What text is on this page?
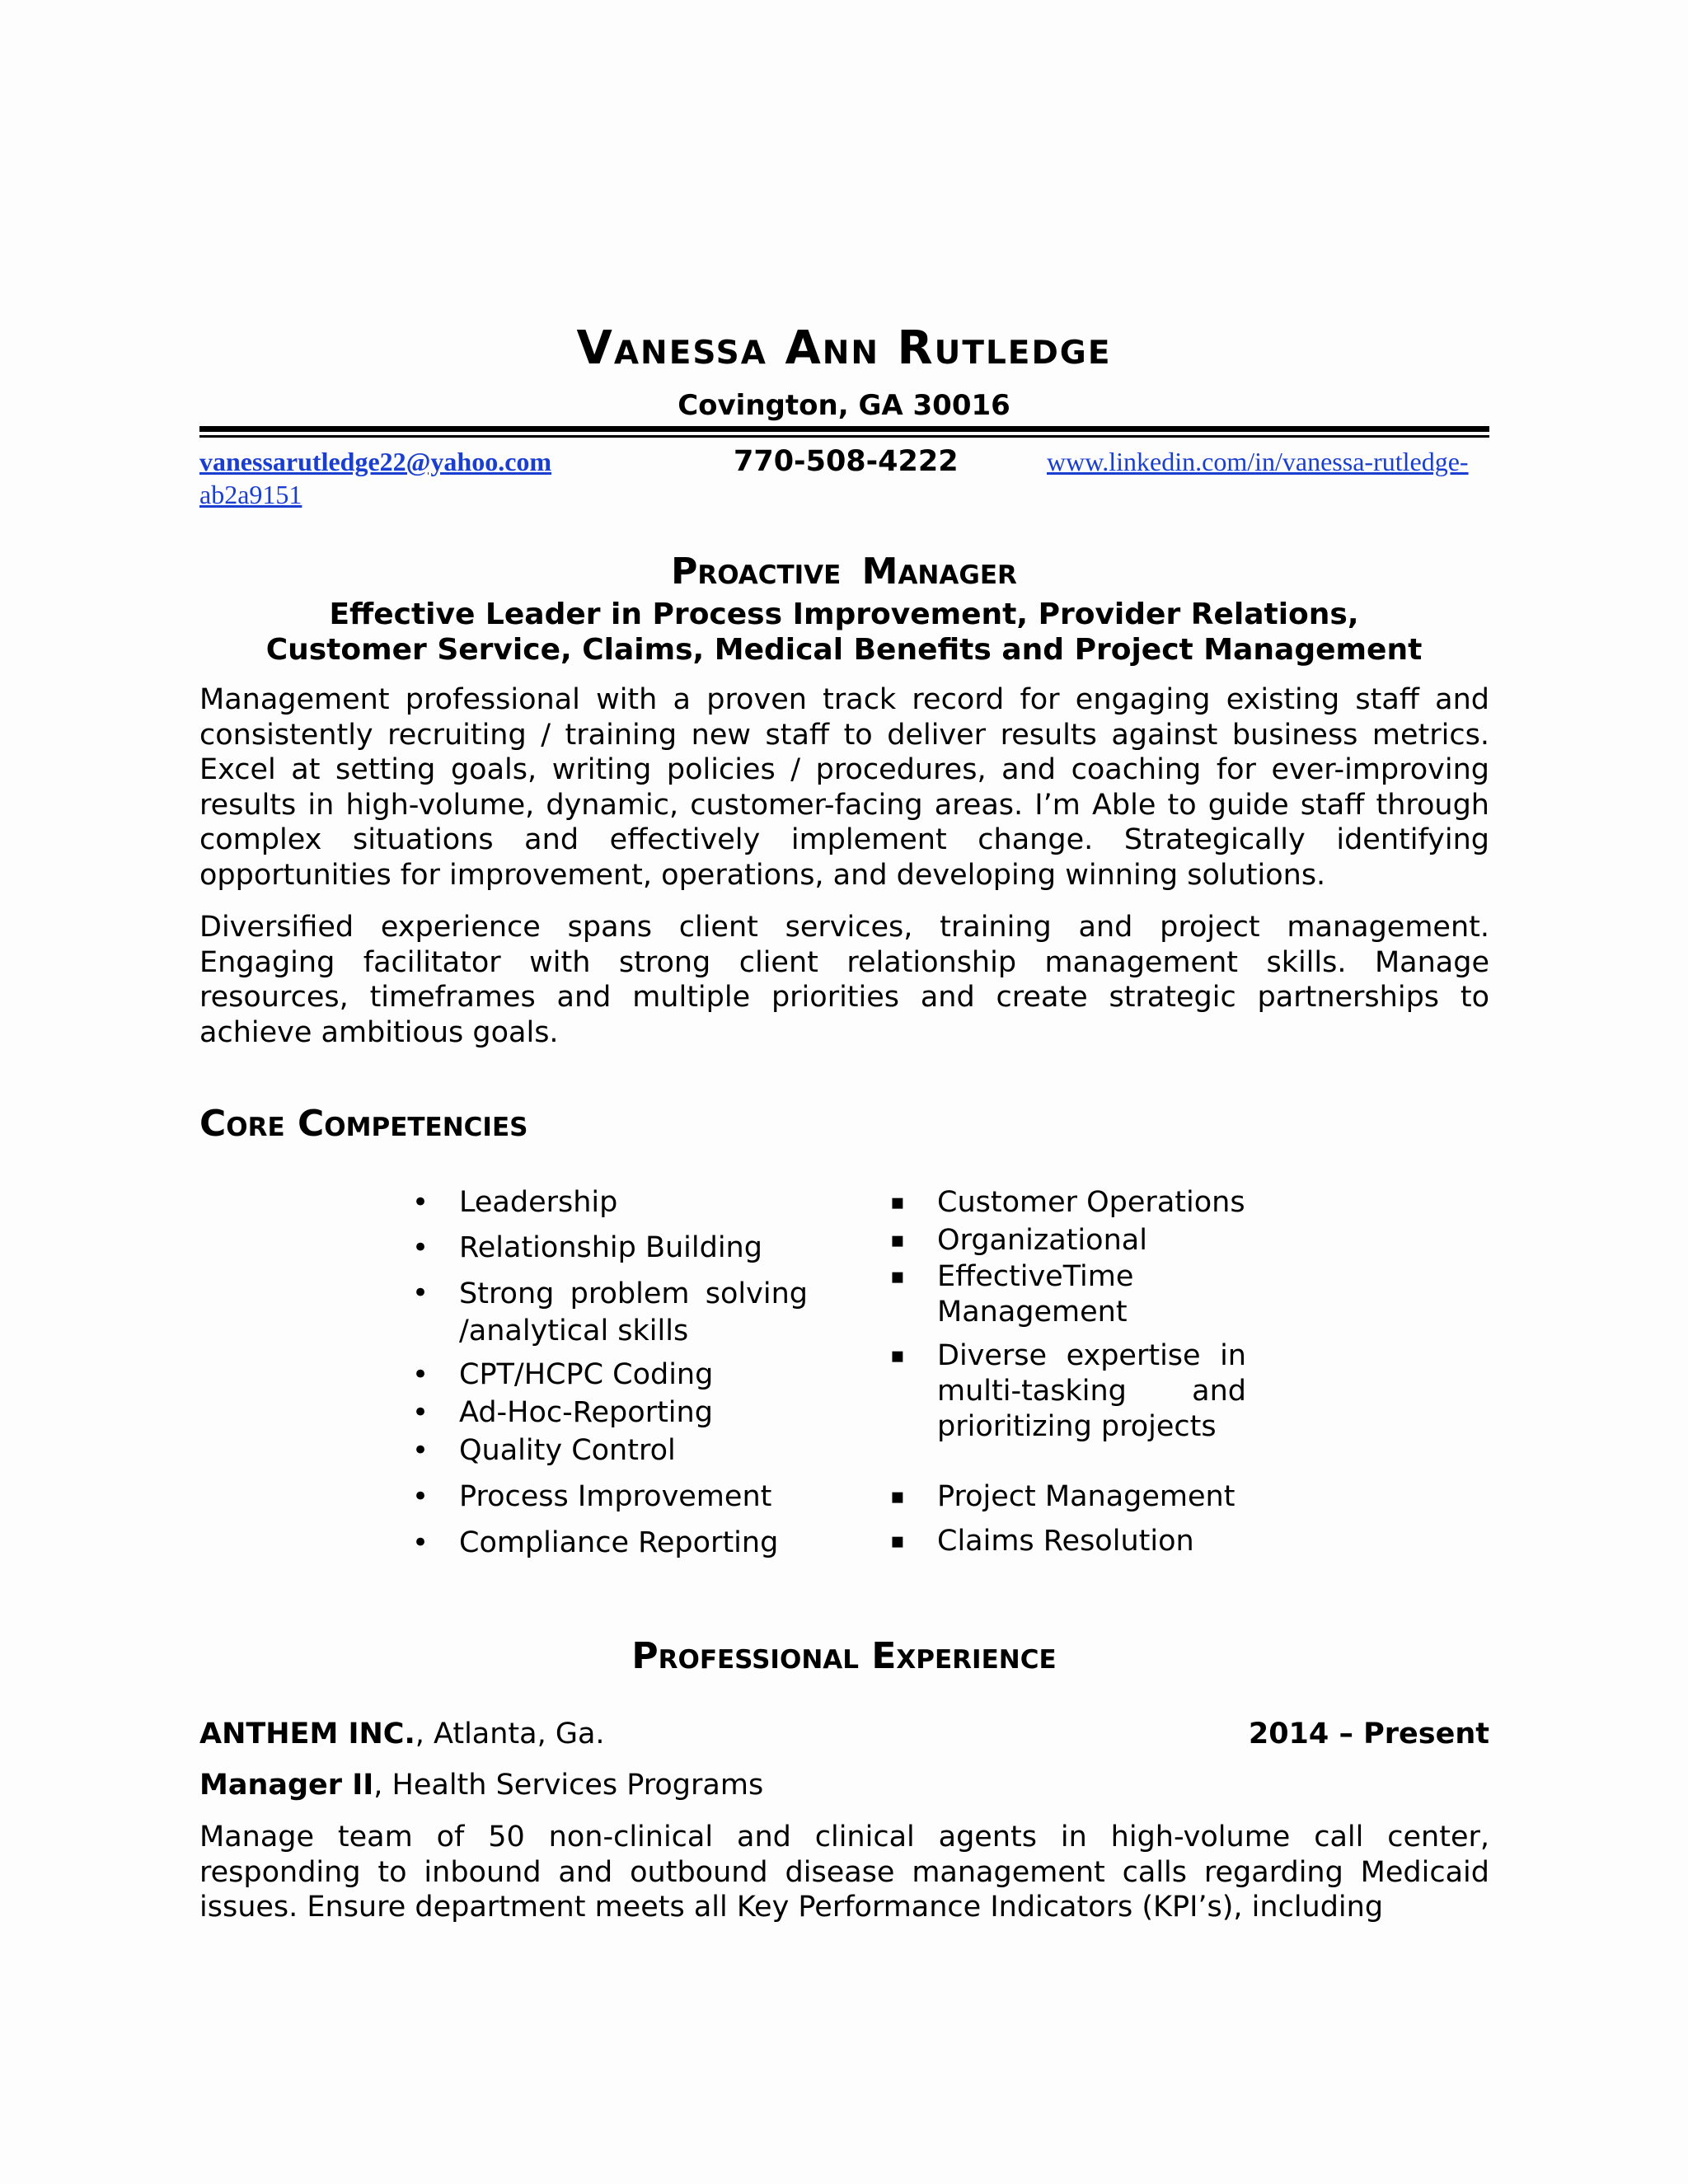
Vanessa Ann Rutledge
Covington, GA 30016
vanessarutledge22@yahoo.com	770-508-4222	www.linkedin.com/in/vanessa-rutledge-
ab2a9151
Proactive Manager
Effective Leader in Process Improvement, Provider Relations, Customer Service, Claims, Medical Benefits and Project Management
Management professional with a proven track record for engaging existing staff and consistently recruiting / training new staff to deliver results against business metrics. Excel at setting goals, writing policies / procedures, and coaching for ever-improving results in high-volume, dynamic, customer-facing areas. I’m Able to guide staff through complex situations and effectively implement change. Strategically identifying opportunities for improvement, operations, and developing winning solutions.
Diversified experience spans client services, training and project management. Engaging facilitator with strong client relationship management skills. Manage resources, timeframes and multiple priorities and create strategic partnerships to achieve ambitious goals.
Core Competencies
• Leadership
• Relationship Building
• Strong problem solving /analytical skills
• CPT/HCPC Coding
• Ad-Hoc-Reporting
• Quality Control
• Process Improvement
• Compliance Reporting
▪ Customer Operations
▪ Organizational
▪ EffectiveTime Management
▪ Diverse expertise in multi-tasking and prioritizing projects
▪ Project Management
▪ Claims Resolution
Professional Experience
ANTHEM INC., Atlanta, Ga.	2014 – Present
Manager II, Health Services Programs
Manage team of 50 non-clinical and clinical agents in high-volume call center, responding to inbound and outbound disease management calls regarding Medicaid issues. Ensure department meets all Key Performance Indicators (KPI’s), including
